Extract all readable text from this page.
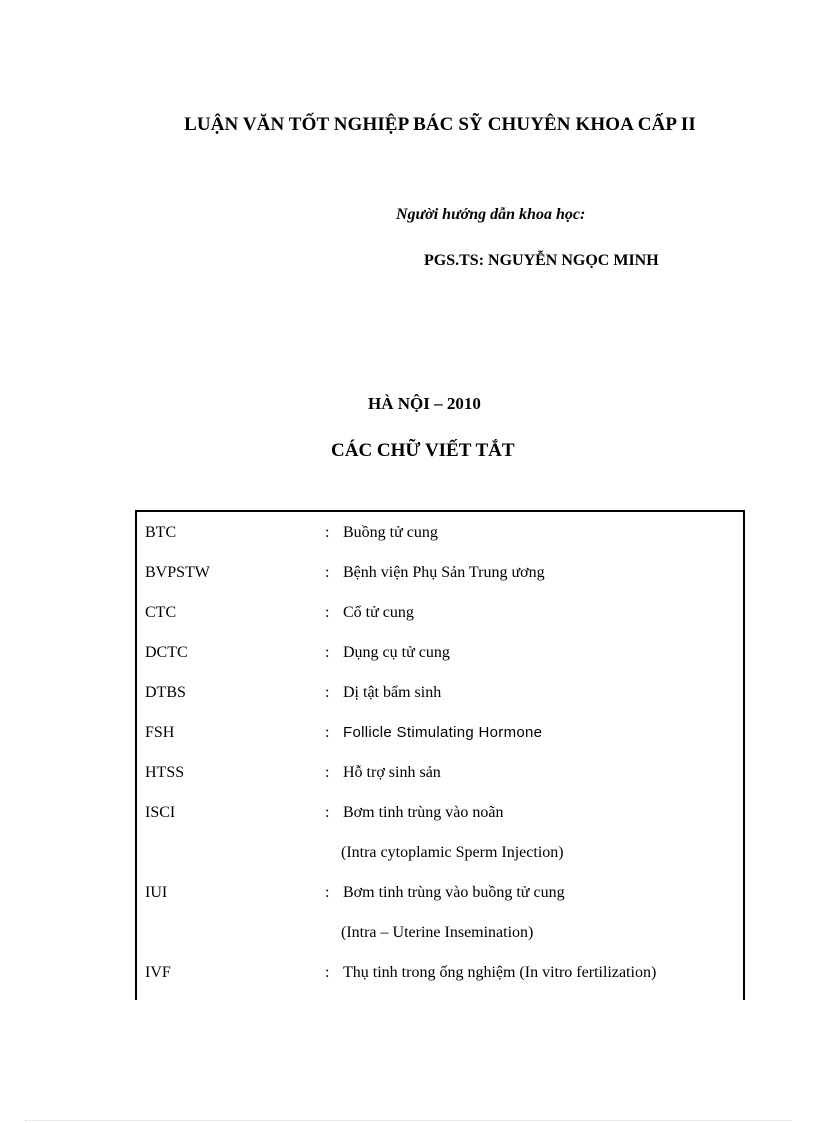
LUẬN VĂN TỐT NGHIỆP BÁC SỸ CHUYÊN KHOA CẤP II
Người hướng dẫn khoa học:
PGS.TS: NGUYỄN NGỌC MINH
HÀ NỘI – 2010
CÁC CHỮ VIẾT TẮT
BTC	: Buồng tử cung
BVPSTW	: Bệnh viện Phụ Sản Trung ương
CTC	: Cổ tử cung
DCTC	: Dụng cụ tử cung
DTBS	: Dị tật bẩm sinh
FSH	: Follicle Stimulating Hormone
HTSS	: Hỗ trợ sinh sản
ISCI	: Bơm tinh trùng vào noãn
(Intra cytoplamic Sperm Injection)
IUI	: Bơm tinh trùng vào buồng tử cung
(Intra – Uterine Insemination)
IVF	: Thụ tinh trong ống nghiệm (In vitro fertilization)
